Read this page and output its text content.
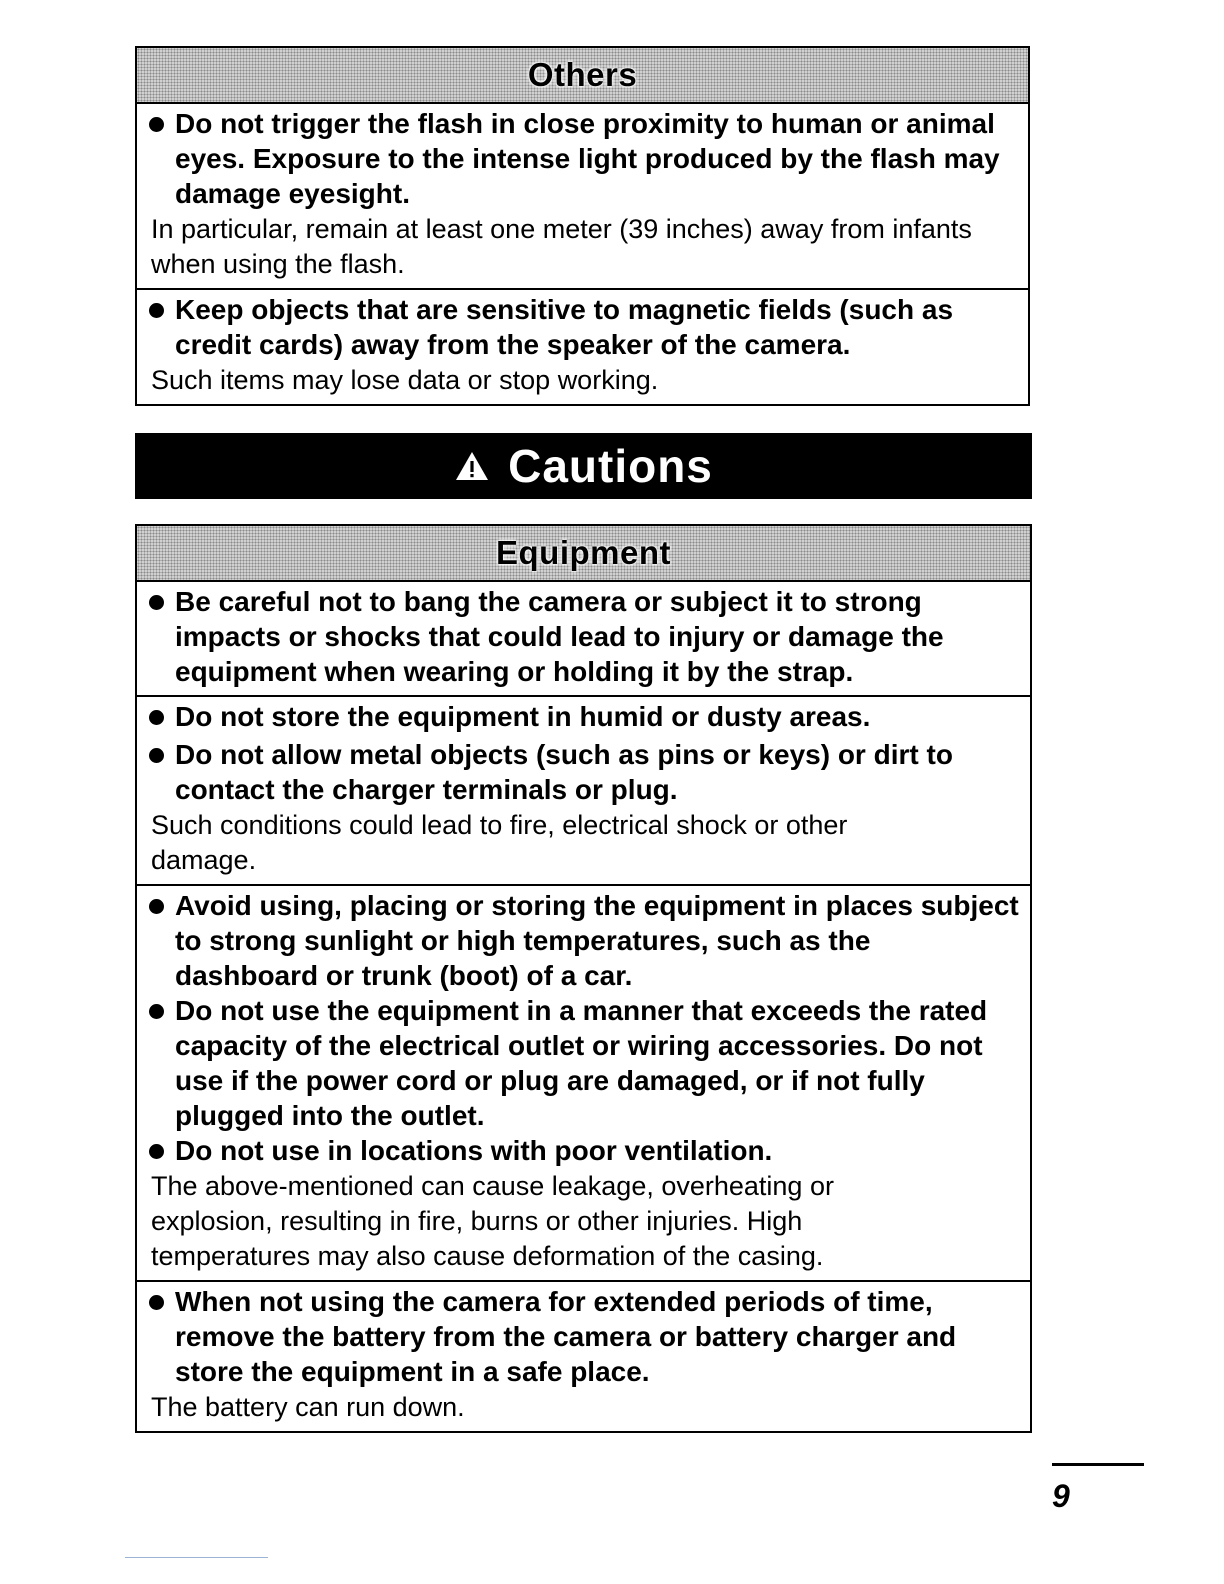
Others
Do not trigger the flash in close proximity to human or animal eyes. Exposure to the intense light produced by the flash may damage eyesight.
In particular, remain at least one meter (39 inches) away from infants when using the flash.
Keep objects that are sensitive to magnetic fields (such as credit cards) away from the speaker of the camera.
Such items may lose data or stop working.
Cautions
Equipment
Be careful not to bang the camera or subject it to strong impacts or shocks that could lead to injury or damage the equipment when wearing or holding it by the strap.
Do not store the equipment in humid or dusty areas.
Do not allow metal objects (such as pins or keys) or dirt to contact the charger terminals or plug.
Such conditions could lead to fire, electrical shock or other damage.
Avoid using, placing or storing the equipment in places subject to strong sunlight or high temperatures, such as the dashboard or trunk (boot) of a car.
Do not use the equipment in a manner that exceeds the rated capacity of the electrical outlet or wiring accessories. Do not use if the power cord or plug are damaged, or if not fully plugged into the outlet.
Do not use in locations with poor ventilation.
The above-mentioned can cause leakage, overheating or explosion, resulting in fire, burns or other injuries. High temperatures may also cause deformation of the casing.
When not using the camera for extended periods of time, remove the battery from the camera or battery charger and store the equipment in a safe place.
The battery can run down.
9
